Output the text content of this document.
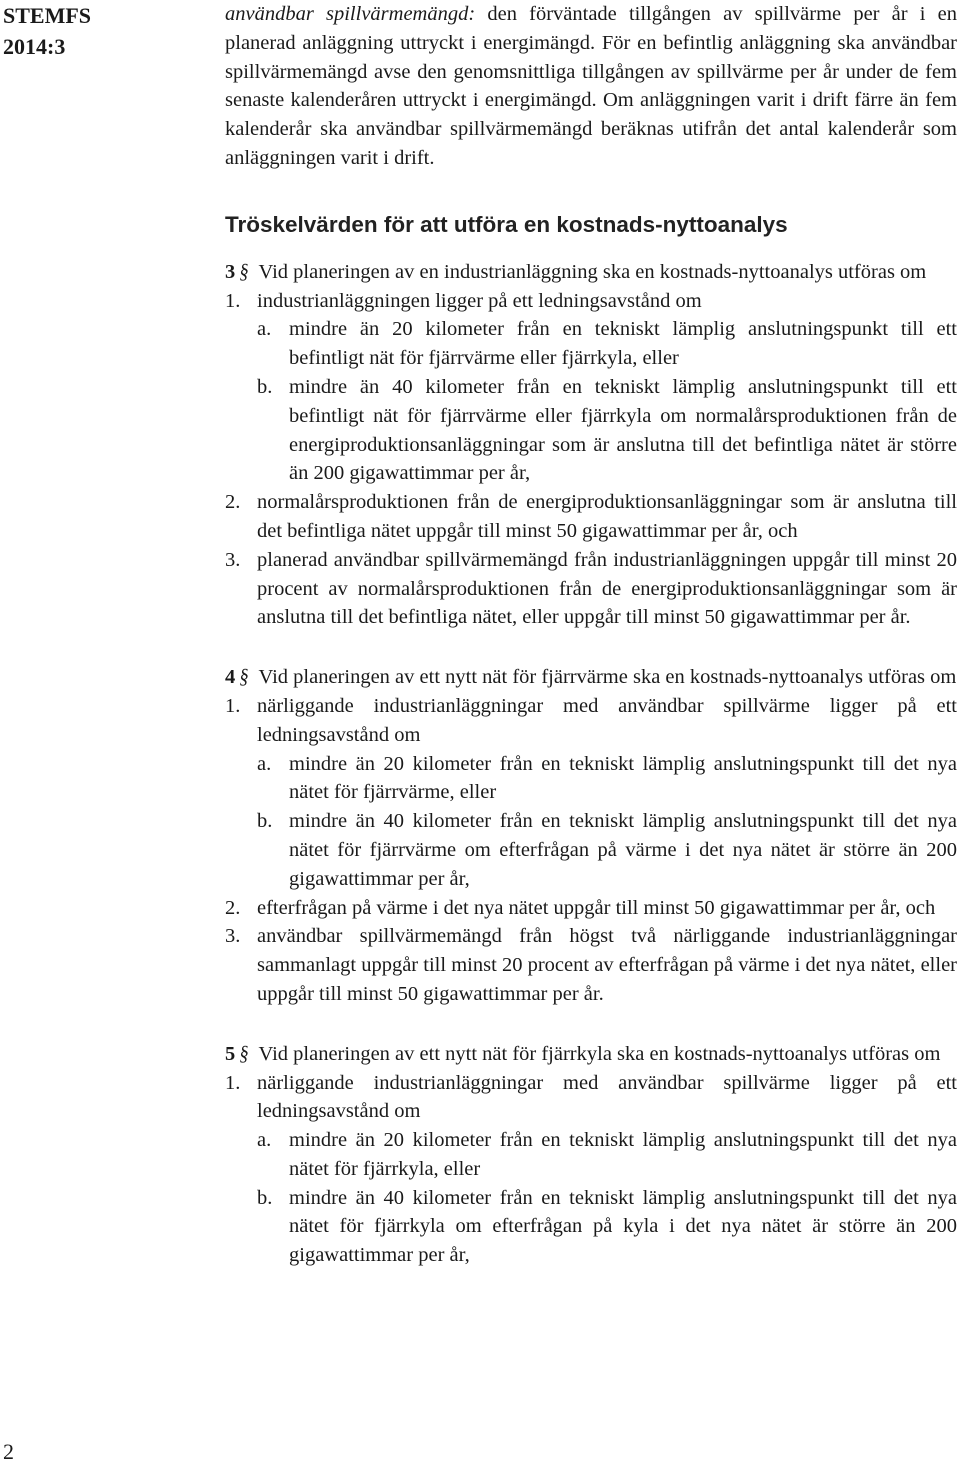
STEMFS
2014:3

användbar spillvärmemängd: den förväntade tillgången av spillvärme per år i en planerad anläggning uttryckt i energimängd. För en befintlig anläggning ska användbar spillvärmemängd avse den genomsnittliga tillgången av spillvärme per år under de fem senaste kalenderåren uttryckt i energimängd. Om anläggningen varit i drift färre än fem kalenderår ska användbar spillvärmemängd beräknas utifrån det antal kalenderår som anläggningen varit i drift.

Tröskelvärden för att utföra en kostnads-nyttoanalys

3 § Vid planeringen av en industrianläggning ska en kostnads-nyttoanalys utföras om

1. industrianläggningen ligger på ett ledningsavstånd om
a. mindre än 20 kilometer från en tekniskt lämplig anslutningspunkt till ett befintligt nät för fjärrvärme eller fjärrkyla, eller
b. mindre än 40 kilometer från en tekniskt lämplig anslutningspunkt till ett befintligt nät för fjärrvärme eller fjärrkyla om normalårsproduktionen från de energiproduktionsanläggningar som är anslutna till det befintliga nätet är större än 200 gigawattimmar per år,
2. normalårsproduktionen från de energiproduktionsanläggningar som är anslutna till det befintliga nätet uppgår till minst 50 gigawattimmar per år, och
3. planerad användbar spillvärmemängd från industrianläggningen uppgår till minst 20 procent av normalårsproduktionen från de energiproduktionsanläggningar som är anslutna till det befintliga nätet, eller uppgår till minst 50 gigawattimmar per år.

4 § Vid planeringen av ett nytt nät för fjärrvärme ska en kostnads-nyttoanalys utföras om

1. närliggande industrianläggningar med användbar spillvärme ligger på ett ledningsavstånd om
a. mindre än 20 kilometer från en tekniskt lämplig anslutningspunkt till det nya nätet för fjärrvärme, eller
b. mindre än 40 kilometer från en tekniskt lämplig anslutningspunkt till det nya nätet för fjärrvärme om efterfrågan på värme i det nya nätet är större än 200 gigawattimmar per år,
2. efterfrågan på värme i det nya nätet uppgår till minst 50 gigawattimmar per år, och
3. användbar spillvärmemängd från högst två närliggande industrianläggningar sammanlagt uppgår till minst 20 procent av efterfrågan på värme i det nya nätet, eller uppgår till minst 50 gigawattimmar per år.

5 § Vid planeringen av ett nytt nät för fjärrkyla ska en kostnads-nyttoanalys utföras om

1. närliggande industrianläggningar med användbar spillvärme ligger på ett ledningsavstånd om
a. mindre än 20 kilometer från en tekniskt lämplig anslutningspunkt till det nya nätet för fjärrkyla, eller
b. mindre än 40 kilometer från en tekniskt lämplig anslutningspunkt till det nya nätet för fjärrkyla om efterfrågan på kyla i det nya nätet är större än 200 gigawattimmar per år,
2
